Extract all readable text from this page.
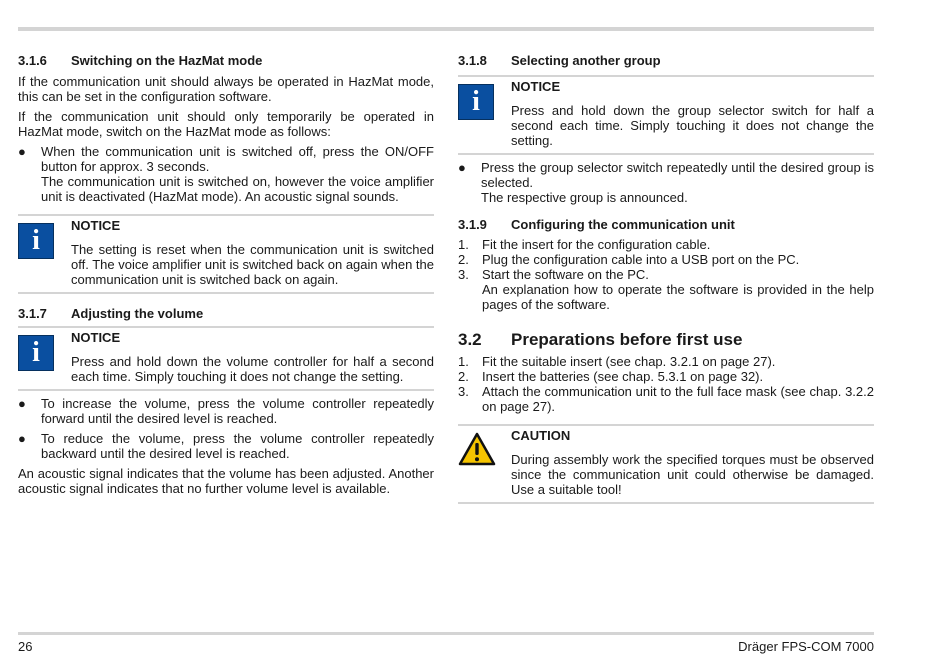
3.1.6	Switching on the HazMat mode

If the communication unit should always be operated in HazMat mode, this can be set in the configuration software.

If the communication unit should only temporarily be operated in HazMat mode, switch on the HazMat mode as follows:

●	When the communication unit is switched off, press the ON/OFF button for approx. 3 seconds.
The communication unit is switched on, however the voice amplifier unit is deactivated (HazMat mode). An acoustic signal sounds.
i	NOTICE
The setting is reset when the communication unit is switched off. The voice amplifier unit is switched back on again when the communication unit is switched back on again.
3.1.7	Adjusting the volume
i	NOTICE
Press and hold down the volume controller for half a second each time. Simply touching it does not change the setting.
●	To increase the volume, press the volume controller repeatedly forward until the desired level is reached.
●	To reduce the volume, press the volume controller repeatedly backward until the desired level is reached.

An acoustic signal indicates that the volume has been adjusted. Another acoustic signal indicates that no further volume level is available.

3.1.8	Selecting another group
i	NOTICE
Press and hold down the group selector switch for half a second each time. Simply touching it does not change the setting.
●	Press the group selector switch repeatedly until the desired group is selected.
The respective group is announced.
3.1.9	Configuring the communication unit
1.	Fit the insert for the configuration cable.
2.	Plug the configuration cable into a USB port on the PC.
3.	Start the software on the PC.
An explanation how to operate the software is provided in the help pages of the software.
3.2	Preparations before first use
1.	Fit the suitable insert (see chap. 3.2.1 on page 27).
2.	Insert the batteries (see chap. 5.3.1 on page 32).
3.	Attach the communication unit to the full face mask (see chap. 3.2.2 on page 27).
CAUTION
During assembly work the specified torques must be observed since the communication unit could otherwise be damaged. Use a suitable tool!
26	Dräger FPS-COM 7000
